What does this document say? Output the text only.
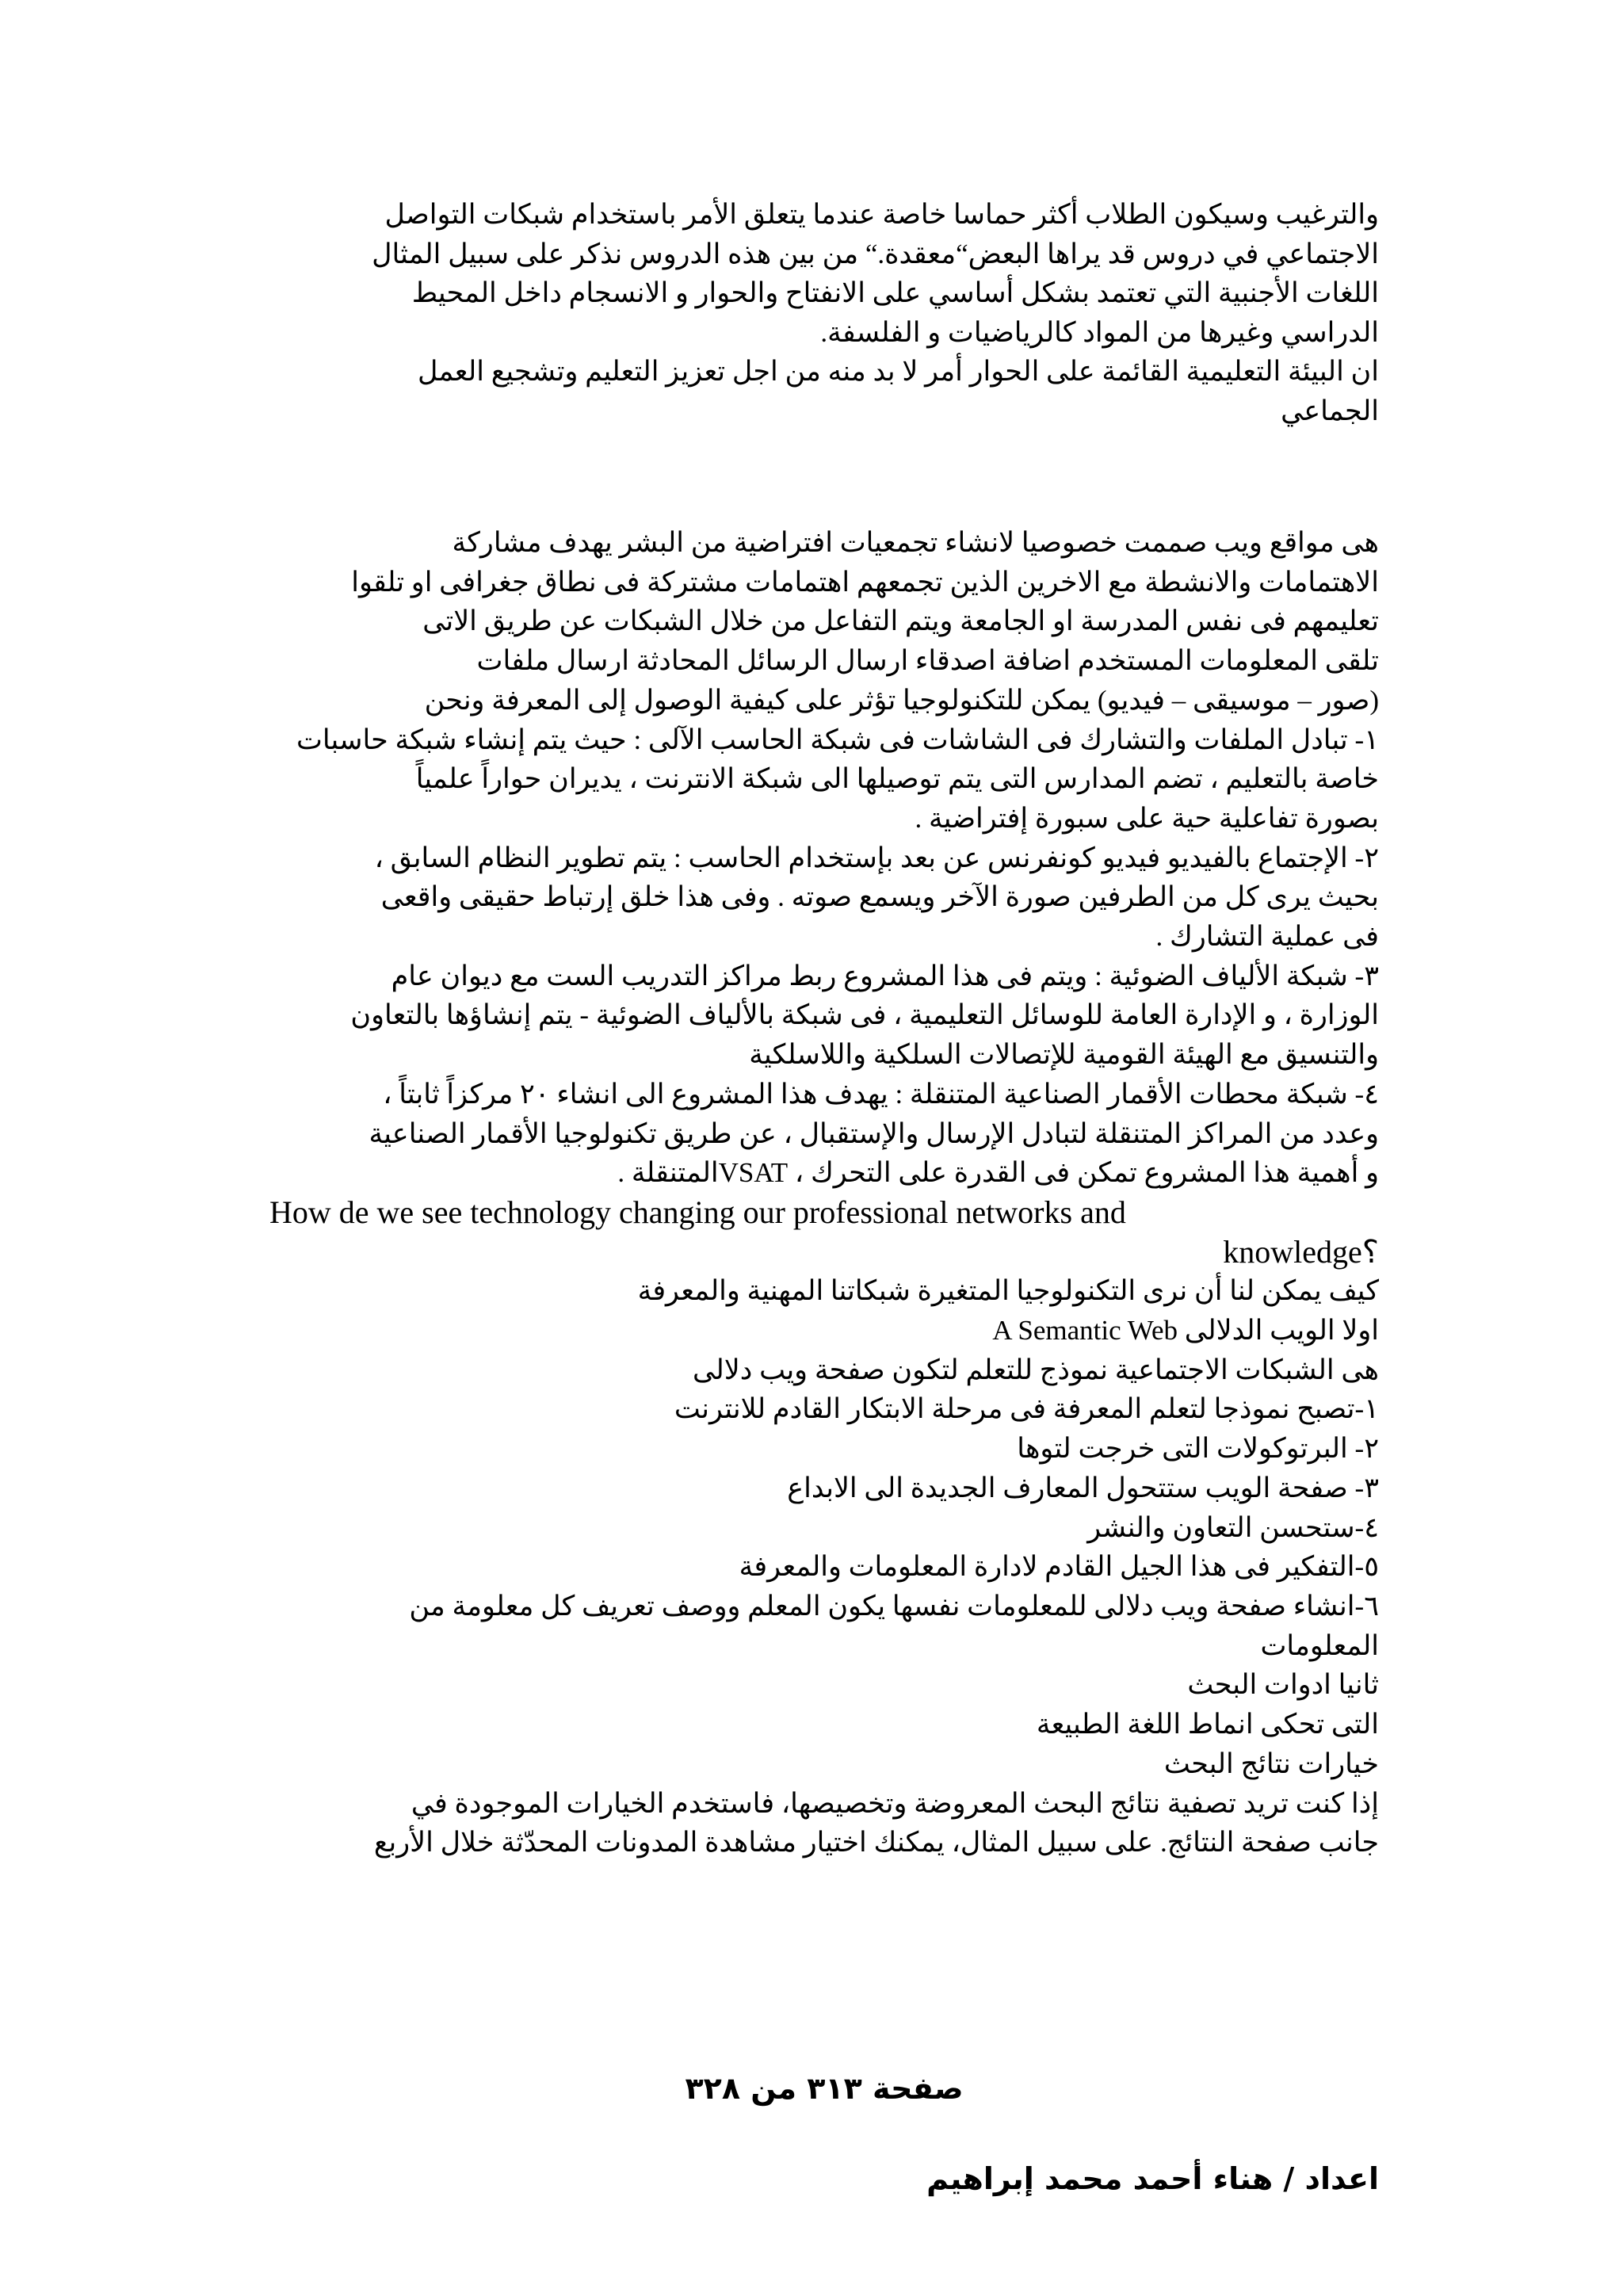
والترغيب وسيكون الطلاب أكثر حماسا خاصة عندما يتعلق الأمر باستخدام شبكات التواصل
الاجتماعي في دروس قد يراها البعض“معقدة.“ من بين هذه الدروس نذكر على سبيل المثال
اللغات الأجنبية التي تعتمد بشكل أساسي على الانفتاح والحوار و الانسجام داخل المحيط
الدراسي وغيرها من المواد كالرياضيات و الفلسفة.
ان البيئة التعليمية القائمة على الحوار أمر لا بد منه من اجل تعزيز التعليم وتشجيع العمل
الجماعي
هى مواقع ويب صممت خصوصيا لانشاء تجمعيات افتراضية من البشر يهدف مشاركة
الاهتمامات والانشطة مع الاخرين الذين تجمعهم اهتمامات مشتركة فى نطاق جغرافى او تلقوا
تعليمهم فى نفس المدرسة او الجامعة ويتم التفاعل من خلال الشبكات عن طريق الاتى
تلقى المعلومات المستخدم اضافة اصدقاء ارسال الرسائل المحادثة ارسال ملفات
(صور – موسيقى – فيديو) يمكن للتكنولوجيا تؤثر على كيفية الوصول إلى المعرفة ونحن
١- تبادل الملفات والتشارك فى الشاشات فى شبكة الحاسب الآلى : حيث يتم إنشاء شبكة حاسبات
خاصة بالتعليم ، تضم المدارس التى يتم توصيلها الى شبكة الانترنت ، يديران حواراً علمياً
بصورة تفاعلية حية على سبورة إفتراضية .
٢- الإجتماع بالفيديو فيديو كونفرنس عن بعد بإستخدام الحاسب : يتم تطوير النظام السابق ،
بحيث يرى كل من الطرفين صورة الآخر ويسمع صوته . وفى هذا خلق إرتباط حقيقى واقعى
فى عملية التشارك .
٣- شبكة الألياف الضوئية : ويتم فى هذا المشروع ربط مراكز التدريب الست مع ديوان عام
الوزارة ، و الإدارة العامة للوسائل التعليمية ، فى شبكة بالألياف الضوئية - يتم إنشاؤها بالتعاون
والتنسيق مع الهيئة القومية للإتصالات السلكية واللاسلكية
٤- شبكة محطات الأقمار الصناعية المتنقلة : يهدف هذا المشروع الى انشاء ٢٠ مركزاً ثابتاً ،
وعدد من المراكز المتنقلة لتبادل الإرسال والإستقبال ، عن طريق تكنولوجيا الأقمار الصناعية
و أهمية هذا المشروع تمكن فى القدرة على التحرك ، VSATالمتنقلة .
How de we see technology changing our professional networks and
knowledge؟
كيف يمكن لنا أن نرى التكنولوجيا المتغيرة شبكاتنا المهنية والمعرفة
اولا الويب الدلالى A Semantic Web
هى الشبكات الاجتماعية نموذج للتعلم لتكون صفحة ويب دلالى
١-تصبح نموذجا لتعلم المعرفة فى مرحلة الابتكار القادم للانترنت
٢- البرتوكولات التى خرجت لتوها
٣- صفحة الويب ستتحول المعارف الجديدة الى الابداع
٤-ستحسن التعاون والنشر
٥-التفكير فى هذا الجيل القادم لادارة المعلومات والمعرفة
٦-انشاء صفحة ويب دلالى للمعلومات نفسها يكون المعلم ووصف تعريف كل معلومة من
المعلومات
ثانيا ادوات البحث
التى تحكى انماط اللغة الطبيعة
خيارات نتائج البحث
إذا كنت تريد تصفية نتائج البحث المعروضة وتخصيصها، فاستخدم الخيارات الموجودة في
جانب صفحة النتائج. على سبيل المثال، يمكنك اختيار مشاهدة المدونات المحدّثة خلال الأربع
صفحة ٣١٣ من ٣٢٨
اعداد / هناء أحمد محمد إبراهيم
